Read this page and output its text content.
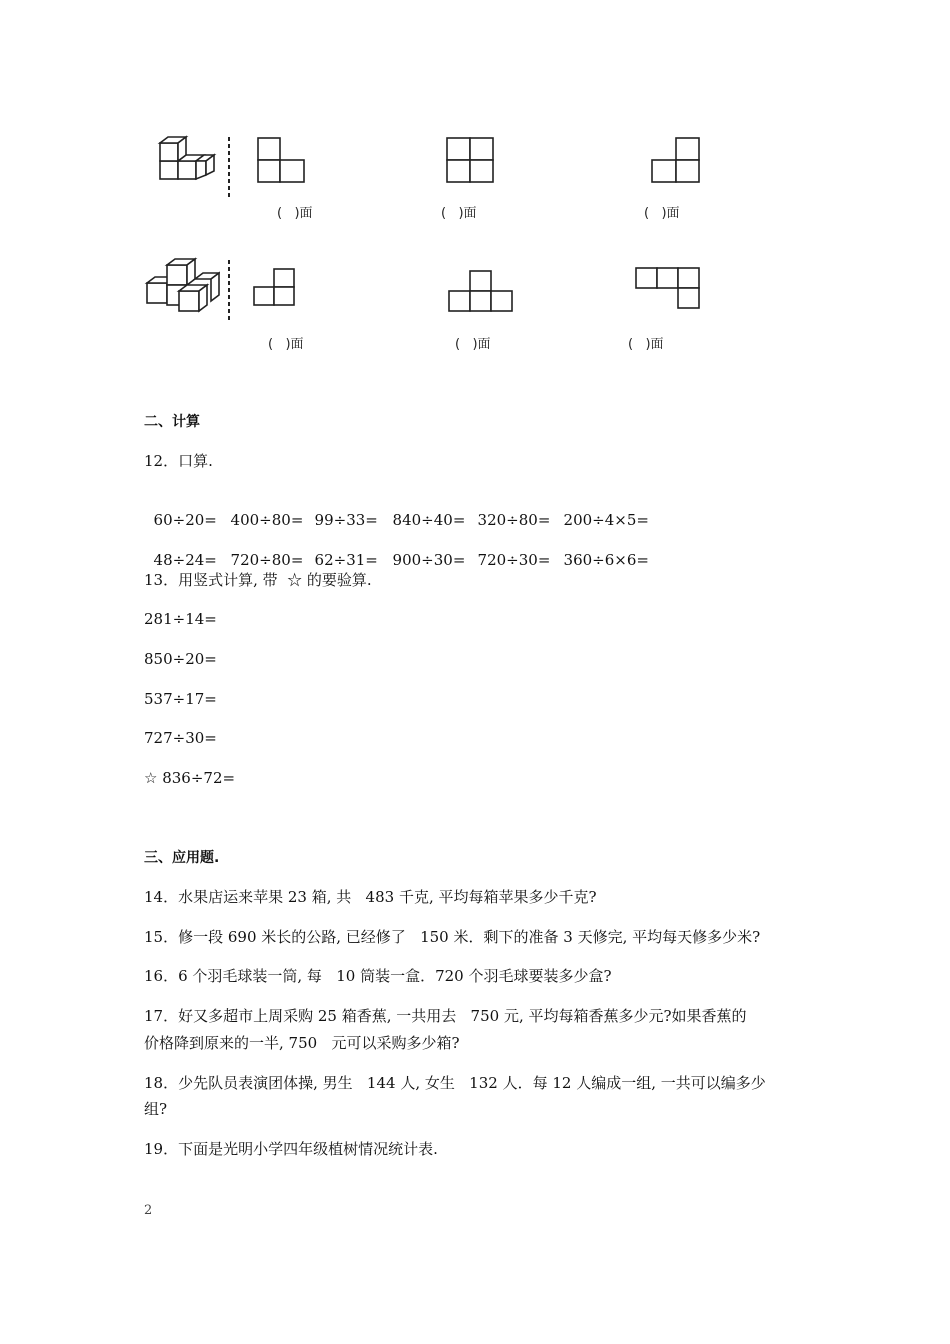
(   )面	(   )面	(   )面
(   )面	(   )面	(   )面
二、计算
12．口算.

60÷20= 400÷80= 99÷33= 840÷40= 320÷80= 200÷4×5=

48÷24= 720÷80= 62÷31= 900÷30= 720÷30= 360÷6×6=

13．用竖式计算, 带  ☆ 的要验算.
281÷14=
850÷20=
537÷17=
727÷30=
☆ 836÷72=
三、应用题.
14．水果店运来苹果 23 箱, 共   483 千克, 平均每箱苹果多少千克?
15．修一段 690 米长的公路, 已经修了   150 米．剩下的准备 3 天修完, 平均每天修多少米?
16．6 个羽毛球装一筒, 每   10 筒装一盒．720 个羽毛球要装多少盒?
17．好又多超市上周采购 25 箱香蕉, 一共用去   750 元, 平均每箱香蕉多少元?如果香蕉的
价格降到原来的一半, 750   元可以采购多少箱?
18．少先队员表演团体操, 男生   144 人, 女生   132 人．每 12 人编成一组, 一共可以编多少
组?
19．下面是光明小学四年级植树情况统计表.
2
